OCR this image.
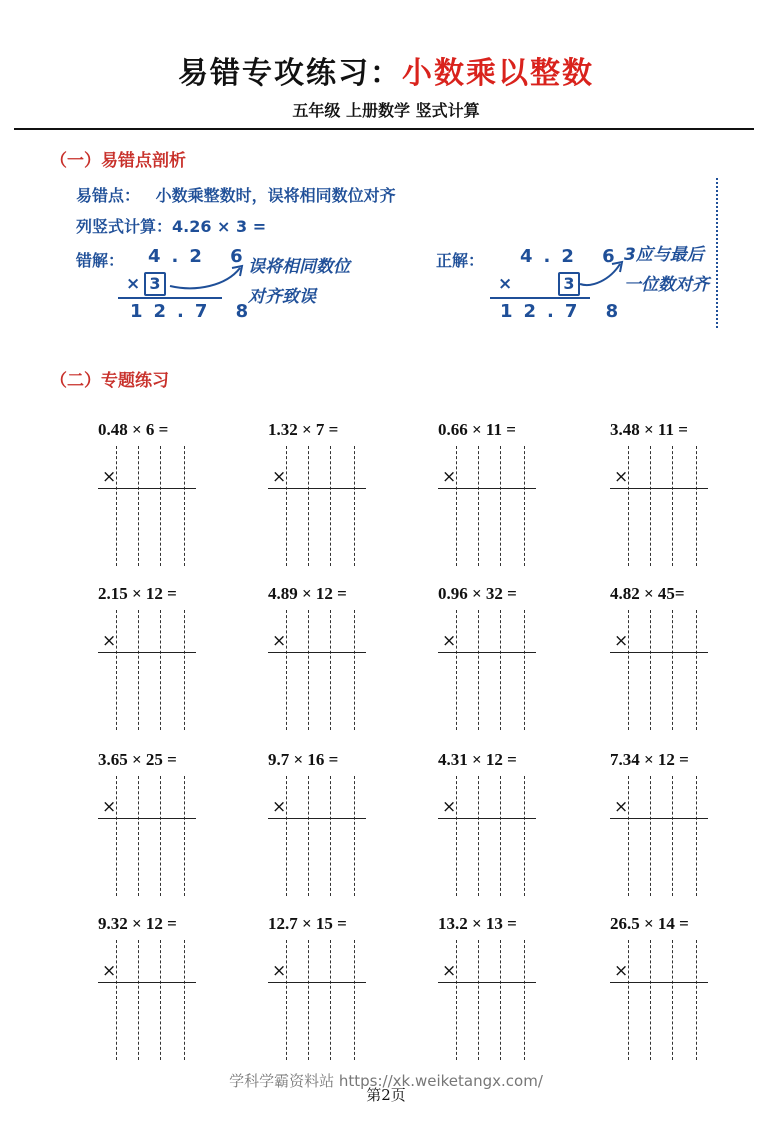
易错专攻练习：小数乘以整数
五年级 上册数学 竖式计算
（一）易错点剖析
易错点： 小数乘整数时，误将相同数位对齐
列竖式计算：4.26 × 3 =
错解： 4.2 6
× 3
12.7 8
误将相同数位
对齐致误
正解： 4.2 6
×	3
12.7 8
3应与最后
一位数对齐
（二）专题练习
0.48 × 6 =
×
1.32 × 7 =
×
0.66 × 11 =
×
3.48 × 11 =
×
2.15 × 12 =
×
4.89 × 12 =
×
0.96 × 32 =
×
4.82 × 45=
×
3.65 × 25 =
×
9.7 × 16 =
×
4.31 × 12 =
×
7.34 × 12 =
×
9.32 × 12 =
×
12.7 × 15 =
×
13.2 × 13 =
×
26.5 × 14 =
×
学科学霸资料站 https://xk.weiketangx.com/
第2页
